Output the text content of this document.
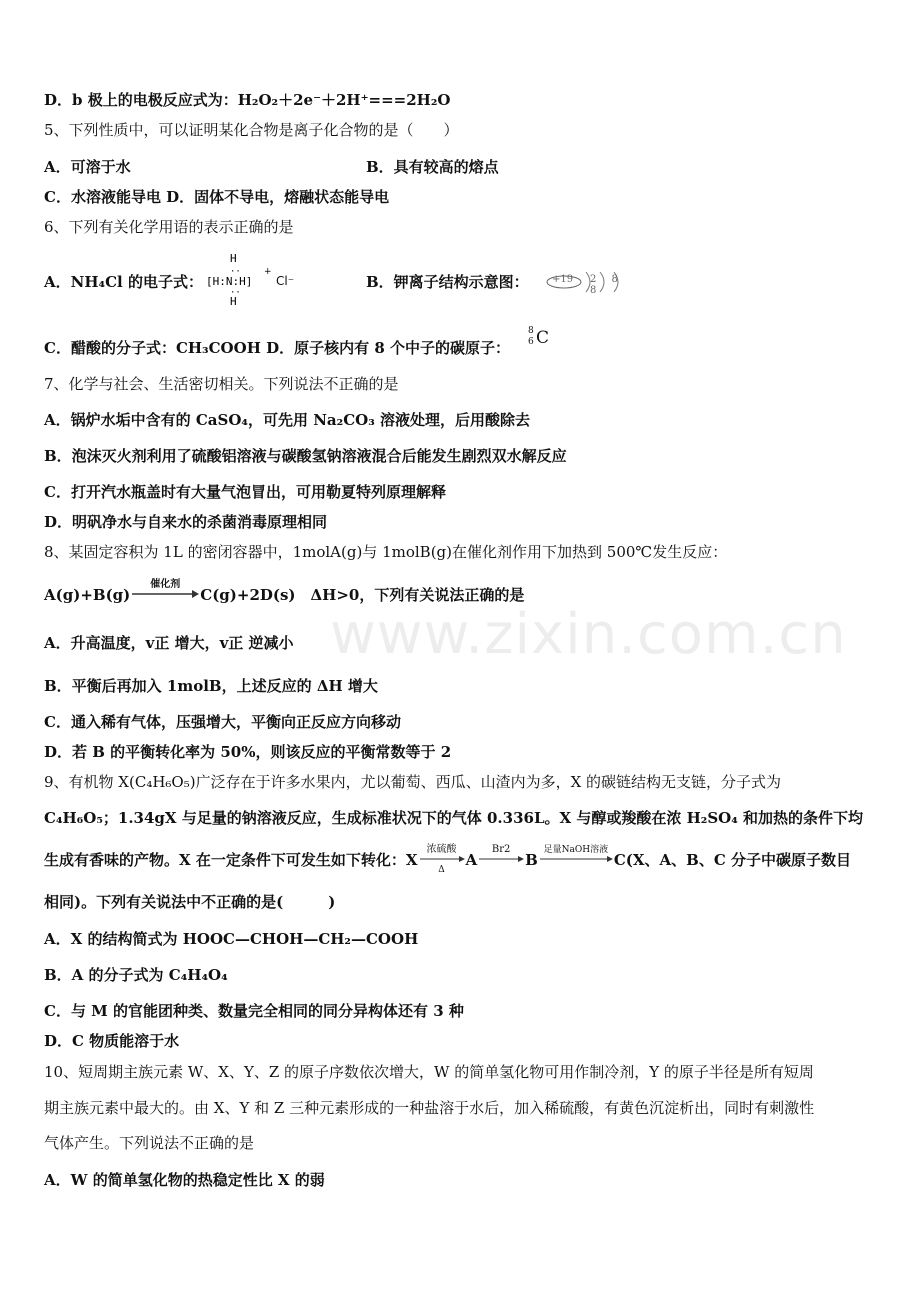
www.zixin.com.cn
D．b 极上的电极反应式为：H₂O₂＋2e⁻＋2H⁺===2H₂O
5、下列性质中，可以证明某化合物是离子化合物的是（　　）
A．可溶于水	B．具有较高的熔点
C．水溶液能导电 D．固体不导电，熔融状态能导电
6、下列有关化学用语的表示正确的是
A．NH₄Cl 的电子式：
H
··
[H:N:H]
··
H
+
Cl⁻	B．钾离子结构示意图： +19 2 8 8
C．醋酸的分子式：CH₃COOH D．原子核内有 8 个中子的碳原子：
8
6 C
7、化学与社会、生活密切相关。下列说法不正确的是
A．锅炉水垢中含有的 CaSO₄，可先用 Na₂CO₃ 溶液处理，后用酸除去
B．泡沫灭火剂利用了硫酸铝溶液与碳酸氢钠溶液混合后能发生剧烈双水解反应
C．打开汽水瓶盖时有大量气泡冒出，可用勒夏特列原理解释
D．明矾净水与自来水的杀菌消毒原理相同
8、某固定容积为 1L 的密闭容器中，1molA(g)与 1molB(g)在催化剂作用下加热到 500℃发生反应：
A(g)+B(g)
催化剂
C(g)+2D(s)　ΔH>0，下列有关说法正确的是
A．升高温度，v正 增大，v正 逆减小
B．平衡后再加入 1molB，上述反应的 ΔH 增大
C．通入稀有气体，压强增大，平衡向正反应方向移动
D．若 B 的平衡转化率为 50%，则该反应的平衡常数等于 2
9、有机物 X(C₄H₆O₅)广泛存在于许多水果内，尤以葡萄、西瓜、山渣内为多，X 的碳链结构无支链，分子式为
C₄H₆O₅；1.34gX 与足量的钠溶液反应，生成标准状况下的气体 0.336L。X 与醇或羧酸在浓 H₂SO₄ 和加热的条件下均
生成有香味的产物。X 在一定条件下可发生如下转化：X
浓硫酸
Δ
A
Br2
B
足量NaOH溶液
C(X、A、B、C 分子中碳原子数目
相同)。下列有关说法中不正确的是(　　　)
A．X 的结构简式为 HOOC—CHOH—CH₂—COOH
B．A 的分子式为 C₄H₄O₄
C．与 M 的官能团种类、数量完全相同的同分异构体还有 3 种
D．C 物质能溶于水
10、短周期主族元素 W、X、Y、Z 的原子序数依次增大，W 的简单氢化物可用作制冷剂，Y 的原子半径是所有短周
期主族元素中最大的。由 X、Y 和 Z 三种元素形成的一种盐溶于水后，加入稀硫酸，有黄色沉淀析出，同时有刺激性
气体产生。下列说法不正确的是
A．W 的简单氢化物的热稳定性比 X 的弱
